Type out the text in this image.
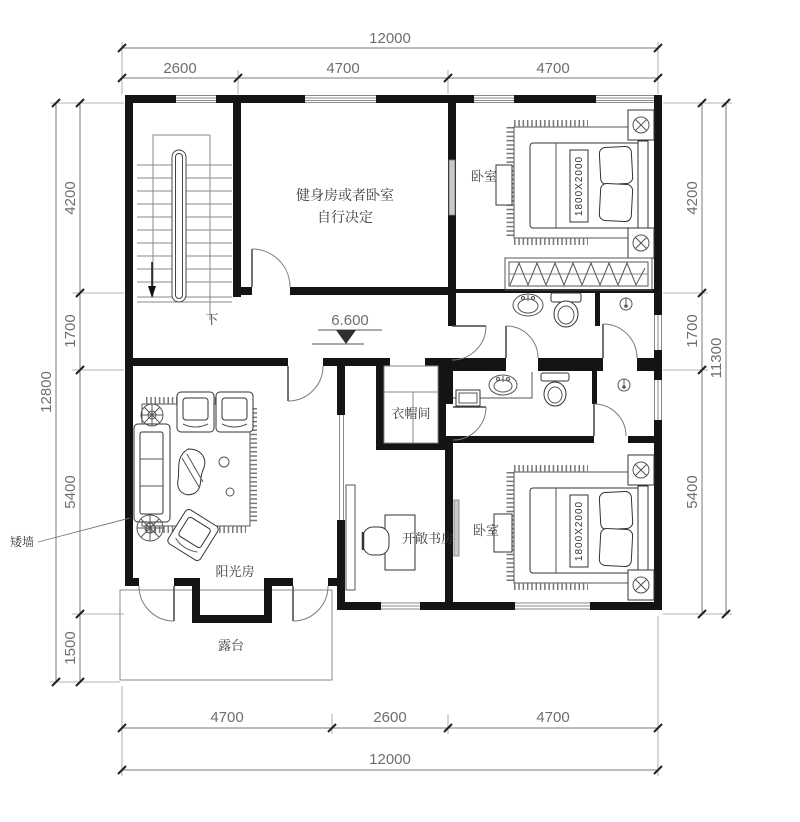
12000
2600	4700	4700
4700	2600	4700
12000
4200
1700
5400
1500
12800
4200
1700
5400
11300
6.600
1800X2000
1800X2000
健身房或者卧室
自行决定
卧室
衣帽间
开敞书房
卧室
阳光房
露台
下
矮墙
